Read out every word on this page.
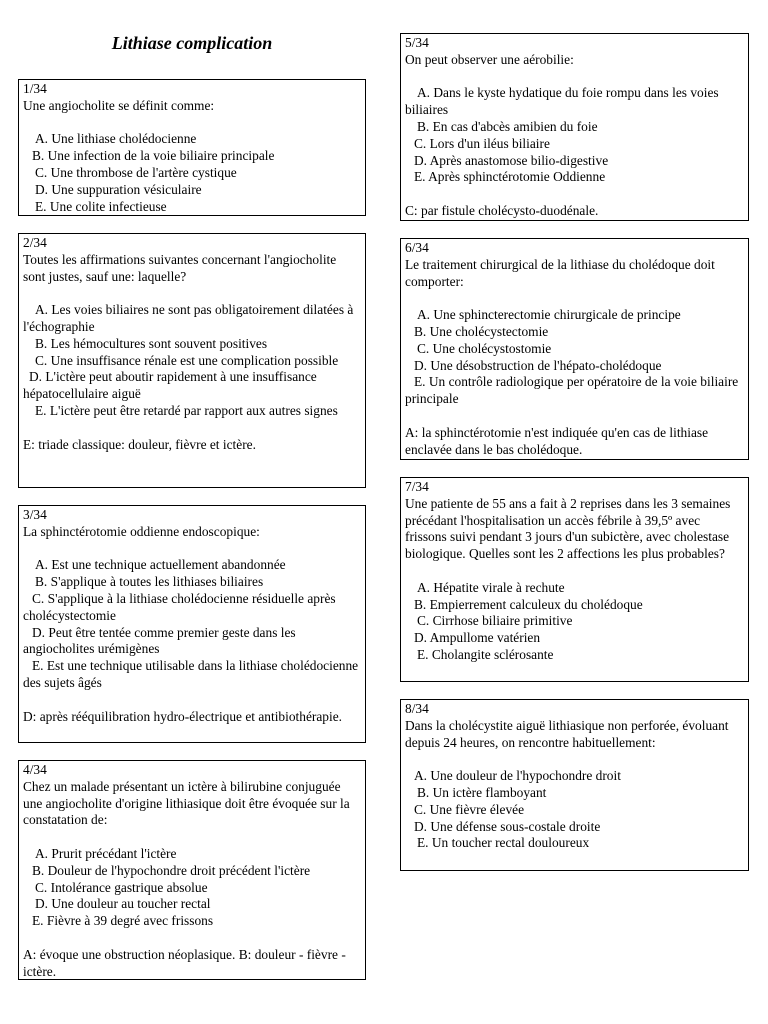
Lithiase complication
1/34
Une angiocholite se définit comme:
A. Une lithiase cholédocienne
B. Une infection de la voie biliaire principale
C. Une thrombose de l'artère cystique
D. Une suppuration vésiculaire
E. Une colite infectieuse
2/34
Toutes les affirmations suivantes concernant l'angiocholite sont justes, sauf une: laquelle?
A. Les voies biliaires ne sont pas obligatoirement dilatées à l'échographie
B. Les hémocultures sont souvent positives
C. Une insuffisance rénale est une complication possible
D. L'ictère peut aboutir rapidement à une insuffisance hépatocellulaire aiguë
E. L'ictère peut être retardé par rapport aux autres signes
E: triade classique: douleur, fièvre et ictère.
3/34
La sphinctérotomie oddienne endoscopique:
A. Est une technique actuellement abandonnée
B. S'applique à toutes les lithiases biliaires
C. S'applique à la lithiase cholédocienne résiduelle après cholécystectomie
D. Peut être tentée comme premier geste dans les angiocholites urémigènes
E. Est une technique utilisable dans la lithiase cholédocienne des sujets âgés
D: après rééquilibration hydro-électrique et antibiothérapie.
4/34
Chez un malade présentant un ictère à bilirubine conjuguée une angiocholite d'origine lithiasique doit être évoquée sur la constatation de:
A. Prurit précédant l'ictère
B. Douleur de l'hypochondre droit précédent l'ictère
C. Intolérance gastrique absolue
D. Une douleur au toucher rectal
E. Fièvre à 39 degré avec frissons
A: évoque une obstruction néoplasique. B: douleur - fièvre - ictère.
5/34
On peut observer une aérobilie:
A. Dans le kyste hydatique du foie rompu dans les voies biliaires
B. En cas d'abcès amibien du foie
C. Lors d'un iléus biliaire
D. Après anastomose bilio-digestive
E. Après sphinctérotomie Oddienne
C: par fistule cholécysto-duodénale.
6/34
Le traitement chirurgical de la lithiase du cholédoque doit comporter:
A. Une sphincterectomie chirurgicale de principe
B. Une cholécystectomie
C. Une cholécystostomie
D. Une désobstruction de l'hépato-cholédoque
E. Un contrôle radiologique per opératoire de la voie biliaire principale
A: la sphinctérotomie n'est indiquée qu'en cas de lithiase enclavée dans le bas cholédoque.
7/34
Une patiente de 55 ans a fait à 2 reprises dans les 3 semaines précédant l'hospitalisation un accès fébrile à 39,5º avec frissons suivi pendant 3 jours d'un subictère, avec cholestase biologique. Quelles sont les 2 affections les plus probables?
A. Hépatite virale à rechute
B. Empierrement calculeux du cholédoque
C. Cirrhose biliaire primitive
D. Ampullome vatérien
E. Cholangite sclérosante
8/34
Dans la cholécystite aiguë lithiasique non perforée, évoluant depuis 24 heures, on rencontre habituellement:
A. Une douleur de l'hypochondre droit
B. Un ictère flamboyant
C. Une fièvre élevée
D. Une défense sous-costale droite
E. Un toucher rectal douloureux
